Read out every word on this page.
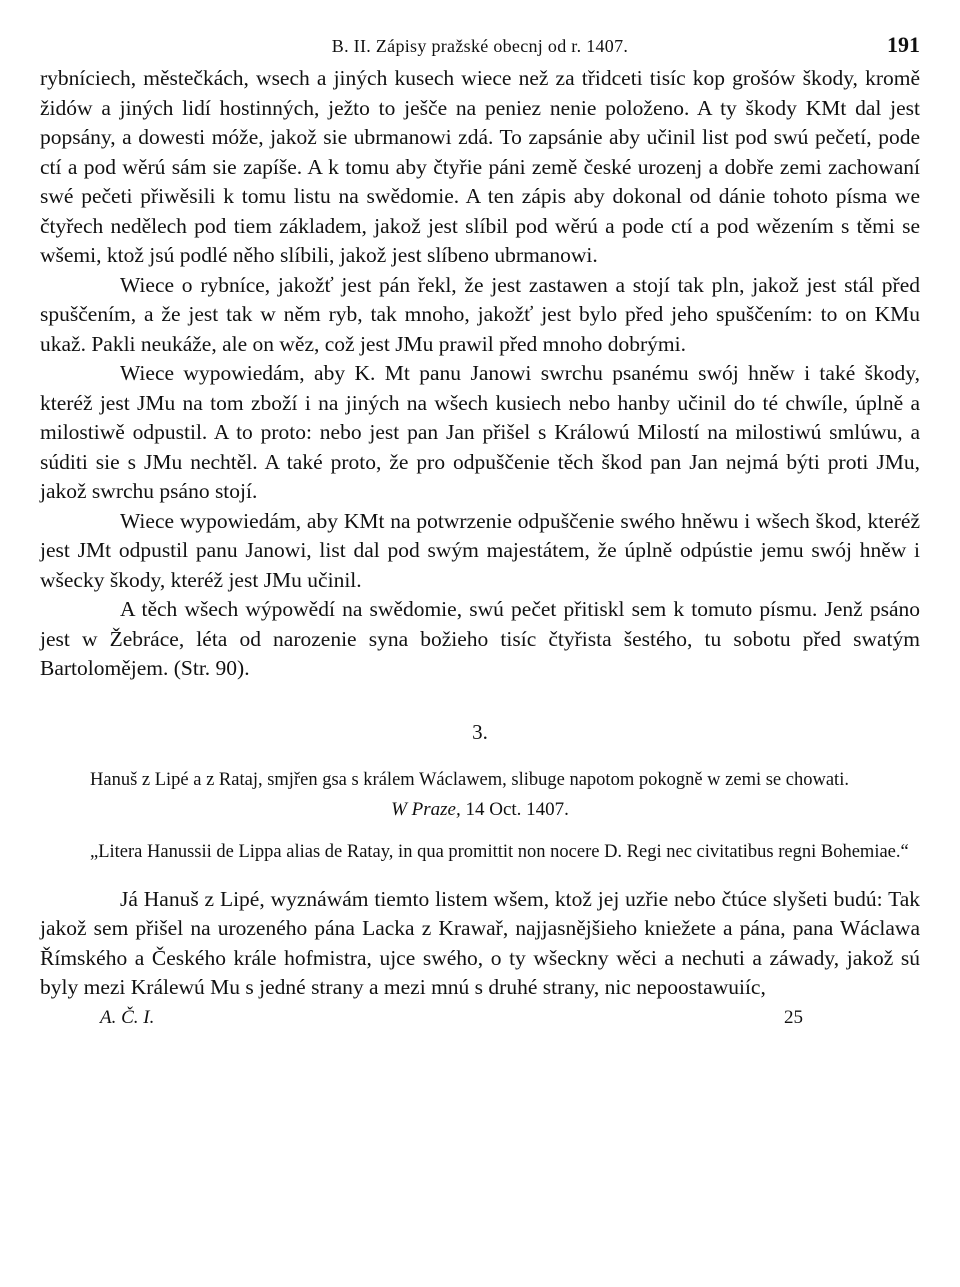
B. II. Zápisy pražské obecnj od r. 1407.	191

rybníciech, městečkách, wsech a jiných kusech wiece než za třidceti tisíc kop grošów škody, kromě židów a jiných lidí hostinných, ježto to ješče na peniez nenie položeno. A ty škody KMt dal jest popsány, a dowesti móže, jakož sie ubrmanowi zdá. To zapsánie aby učinil list pod swú pečetí, pode ctí a pod wěrú sám sie zapíše. A k tomu aby čtyřie páni země české urozenj a dobře zemi zachowaní swé pečeti přiwěsili k tomu listu na swědomie. A ten zápis aby dokonal od dánie tohoto písma we čtyřech nedělech pod tiem základem, jakož jest slíbil pod wěrú a pode ctí a pod wězením s těmi se wšemi, ktož jsú podlé něho slíbili, jakož jest slíbeno ubrmanowi.

Wiece o rybníce, jakožť jest pán řekl, že jest zastawen a stojí tak pln, jakož jest stál před spuščením, a že jest tak w něm ryb, tak mnoho, jakožť jest bylo před jeho spuščením: to on KMu ukaž. Pakli neukáže, ale on wěz, což jest JMu prawil před mnoho dobrými.

Wiece wypowiedám, aby K. Mt panu Janowi swrchu psanému swój hněw i také škody, kteréž jest JMu na tom zboží i na jiných na wšech kusiech nebo hanby učinil do té chwíle, úplně a milostiwě odpustil. A to proto: nebo jest pan Jan přišel s Králowú Milostí na milostiwú smlúwu, a súditi sie s JMu nechtěl. A také proto, že pro odpuščenie těch škod pan Jan nejmá býti proti JMu, jakož swrchu psáno stojí.

Wiece wypowiedám, aby KMt na potwrzenie odpuščenie swého hněwu i wšech škod, kteréž jest JMt odpustil panu Janowi, list dal pod swým majestátem, že úplně odpústie jemu swój hněw i wšecky škody, kteréž jest JMu učinil.

A těch wšech wýpowědí na swědomie, swú pečet přitiskl sem k tomuto písmu. Jenž psáno jest w Žebráce, léta od narozenie syna božieho tisíc čtyřista šestého, tu sobotu před swatým Bartolomějem. (Str. 90).

3.
Hanuš z Lipé a z Rataj, smjřen gsa s králem Wáclawem, slibuge napotom pokogně w zemi se chowati.
W Praze, 14 Oct. 1407.
„Litera Hanussii de Lippa alias de Ratay, in qua promittit non nocere D. Regi nec civitatibus regni Bohemiae.“

Já Hanuš z Lipé, wyznáwám tiemto listem wšem, ktož jej uzřie nebo čtúce slyšeti budú: Tak jakož sem přišel na urozeného pána Lacka z Krawař, najjasnějšieho kniežete a pána, pana Wáclawa Římského a Českého krále hofmistra, ujce swého, o ty wšeckny wěci a nechuti a záwady, jakož sú byly mezi Králewú Mu s jedné strany a mezi mnú s druhé strany, nic nepoostawuiíc,

A. Č. I.	25
